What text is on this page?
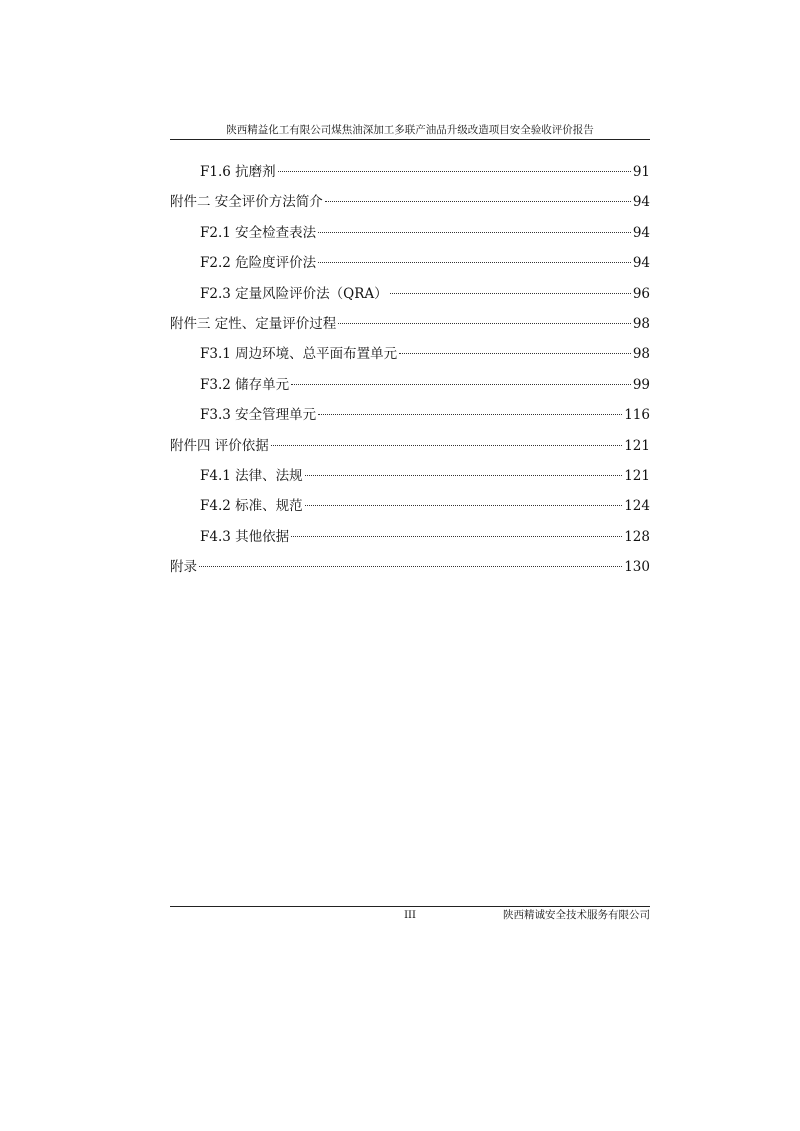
陕西精益化工有限公司煤焦油深加工多联产油品升级改造项目安全验收评价报告
F1.6 抗磨剂	91
附件二 安全评价方法简介	94
F2.1 安全检查表法	94
F2.2 危险度评价法	94
F2.3 定量风险评价法（QRA）	96
附件三 定性、定量评价过程	98
F3.1 周边环境、总平面布置单元	98
F3.2 储存单元	99
F3.3 安全管理单元	116
附件四 评价依据	121
F4.1 法律、法规	121
F4.2 标准、规范	124
F4.3 其他依据	128
附录	130
III	陕西精诚安全技术服务有限公司
